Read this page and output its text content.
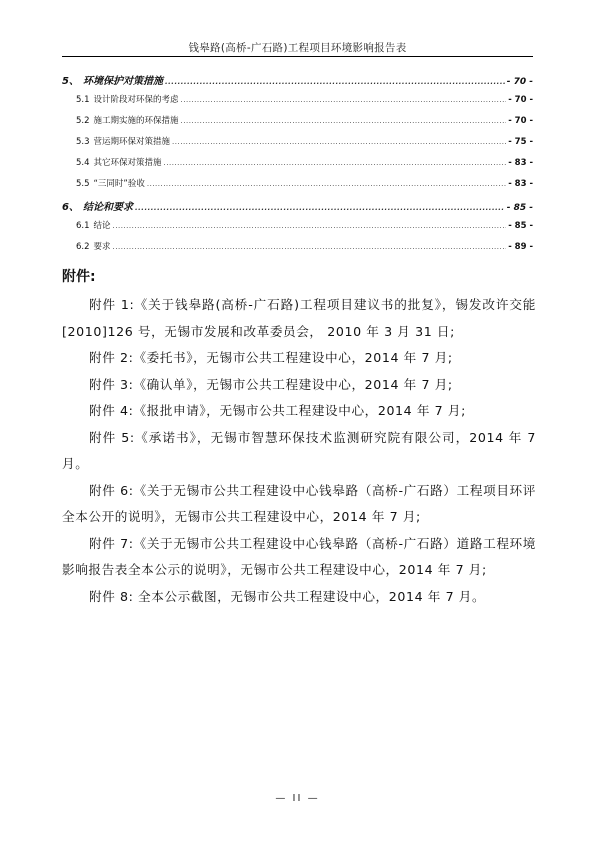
钱皋路(高桥-广石路)工程项目环境影响报告表
5、 环境保护对策措施 .....	- 70 -
5.1 设计阶段对环保的考虑 .....	- 70 -
5.2 施工期实施的环保措施 .....	- 70 -
5.3 营运期环保对策措施 .....	- 75 -
5.4 其它环保对策措施 .....	- 83 -
5.5 “三同时”验收 .....	- 83 -
6、 结论和要求 .....	- 85 -
6.1 结论 .....	- 85 -
6.2 要求 .....	- 89 -
附件:

附件 1:《关于钱皋路(高桥-广石路)工程项目建议书的批复》，锡发改许交能[2010]126 号，无锡市发展和改革委员会， 2010 年 3 月 31 日;

附件 2:《委托书》，无锡市公共工程建设中心，2014 年 7 月;

附件 3:《确认单》，无锡市公共工程建设中心，2014 年 7 月;

附件 4:《报批申请》，无锡市公共工程建设中心，2014 年 7 月;

附件 5:《承诺书》，无锡市智慧环保技术监测研究院有限公司，2014 年 7 月。

附件 6:《关于无锡市公共工程建设中心钱皋路（高桥-广石路）工程项目环评全本公开的说明》，无锡市公共工程建设中心，2014 年 7 月;

附件 7:《关于无锡市公共工程建设中心钱皋路（高桥-广石路）道路工程环境影响报告表全本公示的说明》，无锡市公共工程建设中心，2014 年 7 月;

附件 8: 全本公示截图，无锡市公共工程建设中心，2014 年 7 月。

— II —
